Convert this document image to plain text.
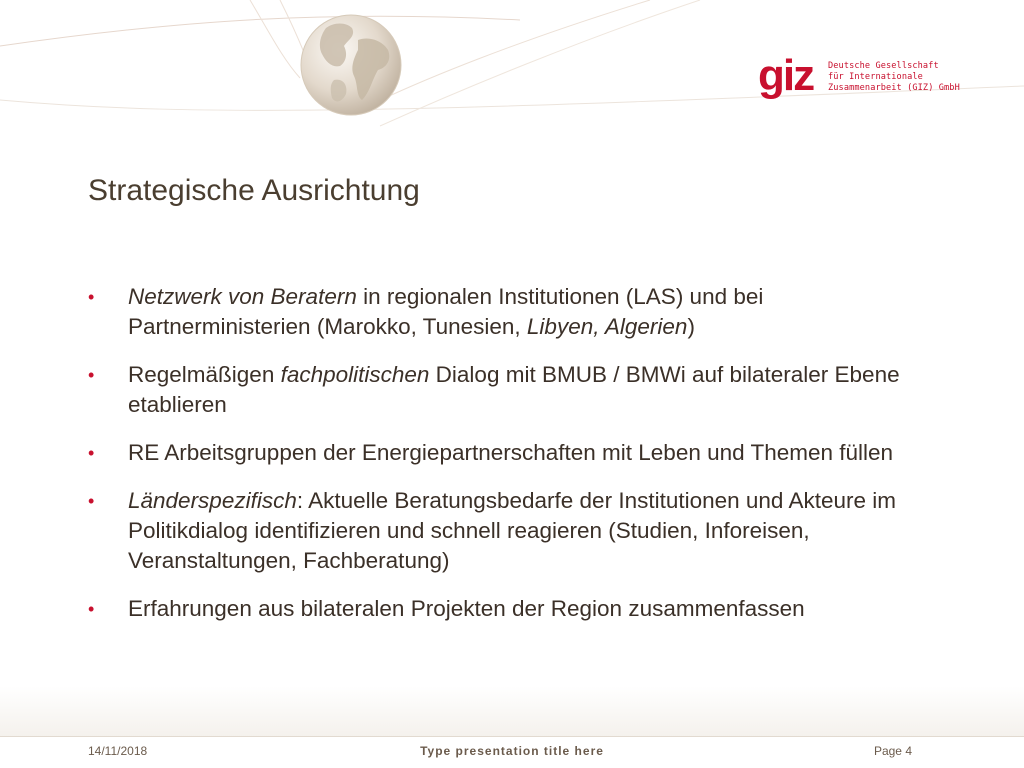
giz Deutsche Gesellschaft
für Internationale
Zusammenarbeit (GIZ) GmbH
Strategische Ausrichtung
• Netzwerk von Beratern in regionalen Institutionen (LAS) und bei Partnerministerien (Marokko, Tunesien, Libyen, Algerien)
• Regelmäßigen fachpolitischen Dialog mit BMUB / BMWi auf bilateraler Ebene etablieren
• RE Arbeitsgruppen der Energiepartnerschaften mit Leben und Themen füllen
• Länderspezifisch: Aktuelle Beratungsbedarfe der Institutionen und Akteure im Politikdialog identifizieren und schnell reagieren (Studien, Inforeisen, Veranstaltungen, Fachberatung)
• Erfahrungen aus bilateralen Projekten der Region zusammenfassen
14/11/2018	Type presentation title here	Page 4
